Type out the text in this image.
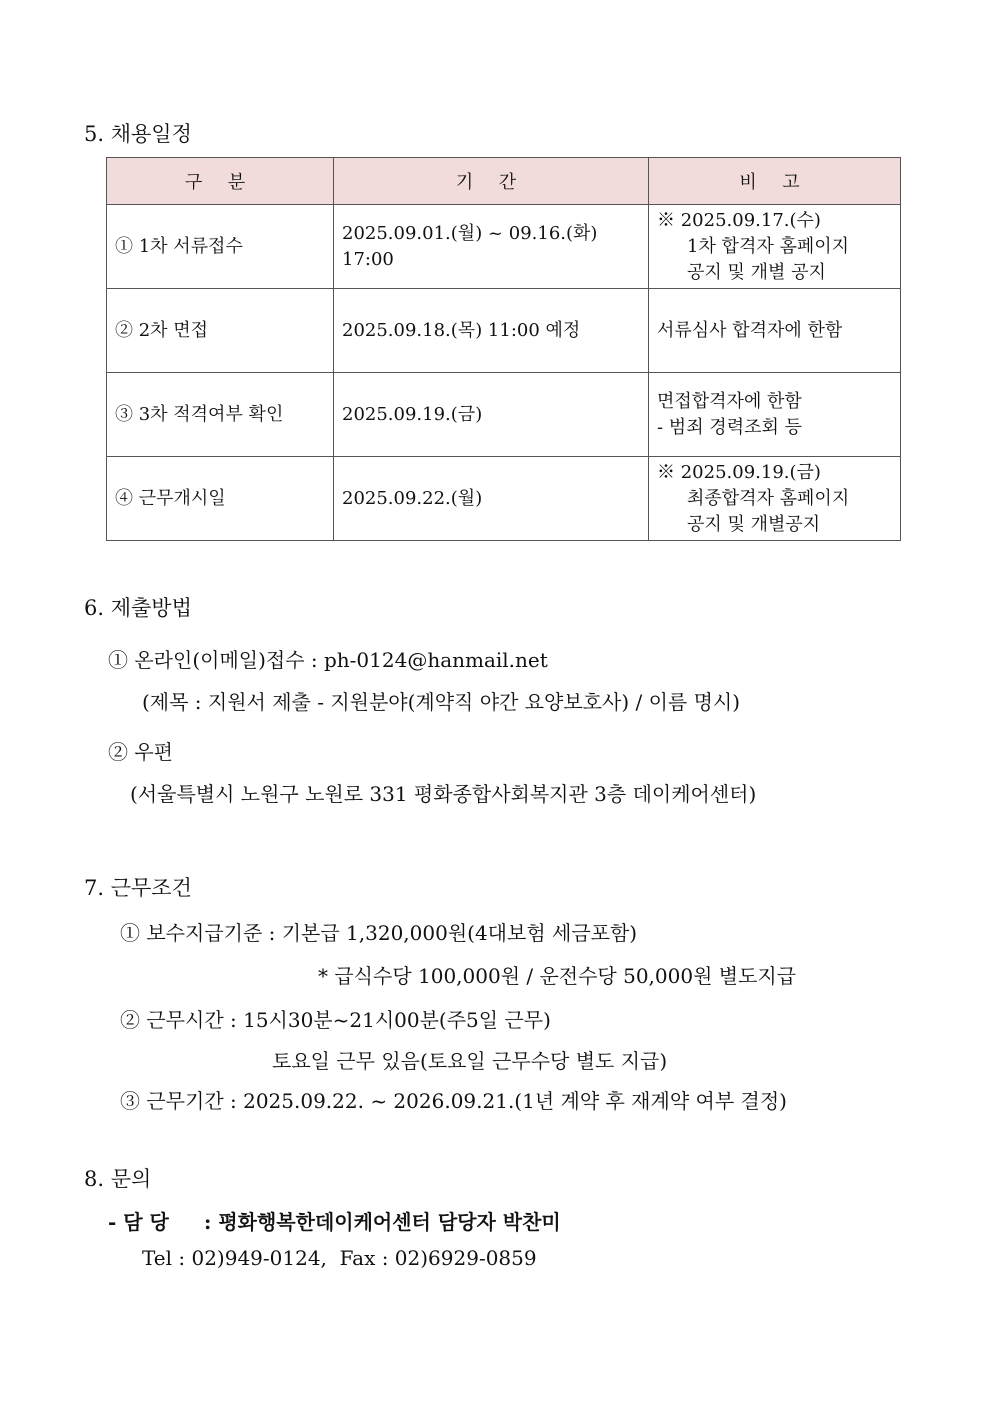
5. 채용일정
구 분	기 간	비 고
① 1차 서류접수	2025.09.01.(월) ~ 09.16.(화) 17:00	※ 2025.09.17.(수)
1차 합격자 홈페이지
공지 및 개별 공지

② 2차 면접	2025.09.18.(목) 11:00 예정	서류심사 합격자에 한함

③ 3차 적격여부 확인	2025.09.19.(금)	면접합격자에 한함
- 범죄 경력조회 등

④ 근무개시일	2025.09.22.(월)	※ 2025.09.19.(금)
최종합격자 홈페이지
공지 및 개별공지
6. 제출방법
① 온라인(이메일)접수 : ph-0124@hanmail.net
(제목 : 지원서 제출 - 지원분야(계약직 야간 요양보호사) / 이름 명시)
② 우편
(서울특별시 노원구 노원로 331 평화종합사회복지관 3층 데이케어센터)
7. 근무조건
① 보수지급기준 : 기본급 1,320,000원(4대보험 세금포함)
* 급식수당 100,000원 / 운전수당 50,000원 별도지급
② 근무시간 : 15시30분~21시00분(주5일 근무)
토요일 근무 있음(토요일 근무수당 별도 지급)
③ 근무기간 : 2025.09.22. ~ 2026.09.21.(1년 계약 후 재계약 여부 결정)
8. 문의
- 담 당 : 평화행복한데이케어센터 담당자 박찬미
Tel : 02)949-0124,  Fax : 02)6929-0859
